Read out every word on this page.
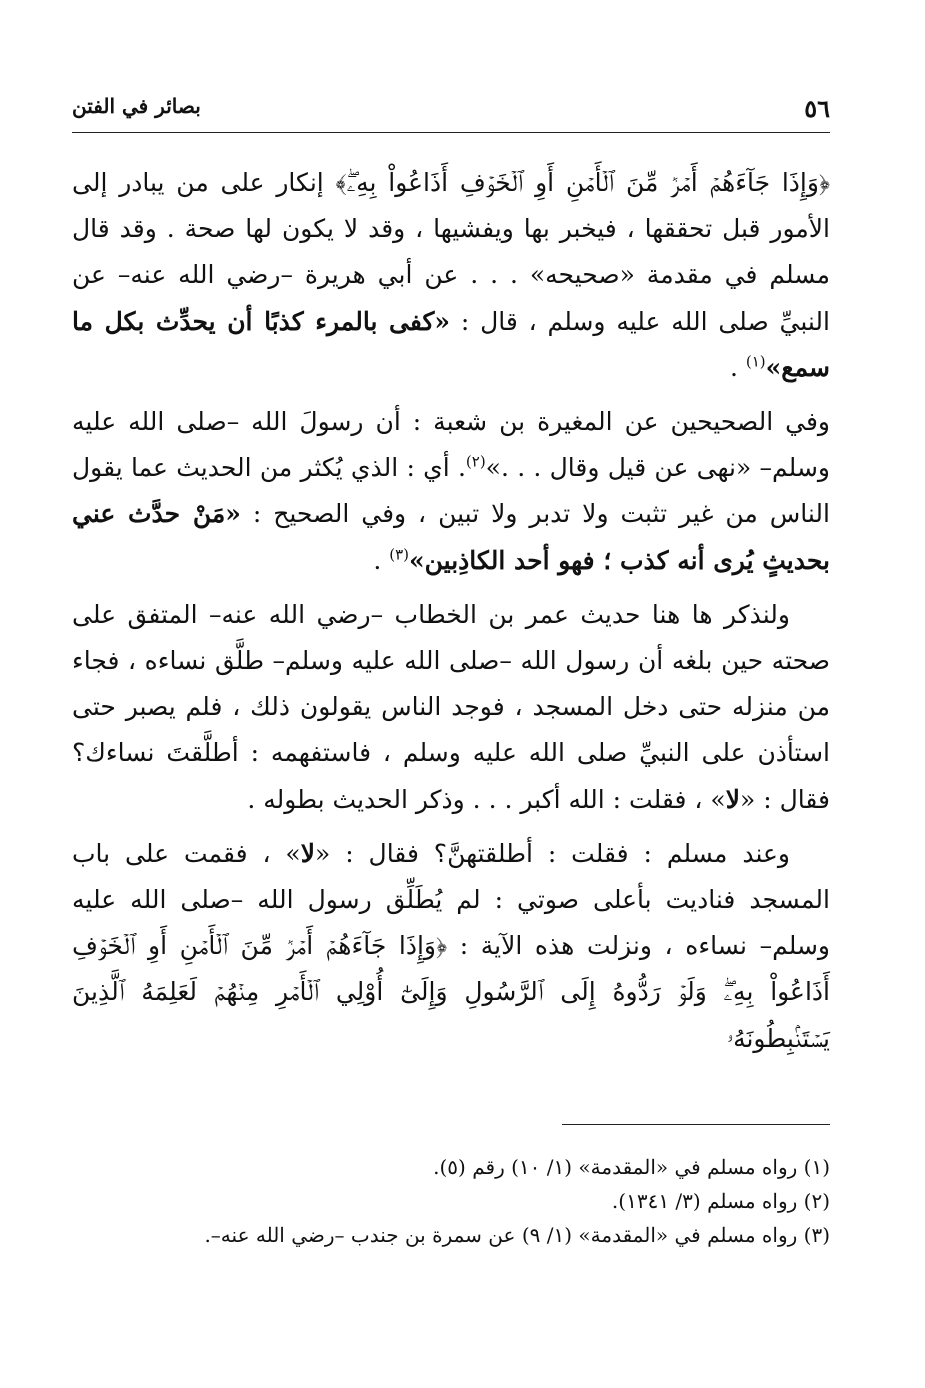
٥٦
بصائر في الفتن

﴿وَإِذَا جَآءَهُمۡ أَمۡرٞ مِّنَ ٱلۡأَمۡنِ أَوِ ٱلۡخَوۡفِ أَذَاعُواْ بِهِۦۖ﴾ إنكار على من يبادر إلى الأمور قبل تحققها ، فيخبر بها ويفشيها ، وقد لا يكون لها صحة . وقد قال مسلم في مقدمة «صحيحه» . . . عن أبي هريرة –رضي الله عنه– عن النبيِّ صلى الله عليه وسلم ، قال : «كفى بالمرء كذبًا أن يحدِّث بكل ما سمع»$^{(١)}$ .

وفي الصحيحين عن المغيرة بن شعبة : أن رسولَ الله –صلى الله عليه وسلم– «نهى عن قيل وقال . . .»$^{(٢)}$. أي : الذي يُكثر من الحديث عما يقول الناس من غير تثبت ولا تدبر ولا تبين ، وفي الصحيح : «مَنْ حدَّث عني بحديثٍ يُرى أنه كذب ؛ فهو أحد الكاذِبين»$^{(٣)}$ .

ولنذكر ها هنا حديث عمر بن الخطاب –رضي الله عنه– المتفق على صحته حين بلغه أن رسول الله –صلى الله عليه وسلم– طلَّق نساءه ، فجاء من منزله حتى دخل المسجد ، فوجد الناس يقولون ذلك ، فلم يصبر حتى استأذن على النبيِّ صلى الله عليه وسلم ، فاستفهمه : أطلَّقتَ نساءك؟ فقال : «لا» ، فقلت : الله أكبر . . . وذكر الحديث بطوله .

وعند مسلم : فقلت : أطلقتهنَّ؟ فقال : «لا» ، فقمت على باب المسجد فناديت بأعلى صوتي : لم يُطَلِّق رسول الله –صلى الله عليه وسلم– نساءه ، ونزلت هذه الآية : ﴿وَإِذَا جَآءَهُمۡ أَمۡرٞ مِّنَ ٱلۡأَمۡنِ أَوِ ٱلۡخَوۡفِ أَذَاعُواْ بِهِۦۖ وَلَوۡ رَدُّوهُ إِلَى ٱلرَّسُولِ وَإِلَىٰٓ أُوْلِي ٱلۡأَمۡرِ مِنۡهُمۡ لَعَلِمَهُ ٱلَّذِينَ يَسۡتَنۢبِطُونَهُۥ

(١) رواه مسلم في «المقدمة» (١/ ١٠) رقم (٥).
(٢) رواه مسلم (٣/ ١٣٤١).
(٣) رواه مسلم في «المقدمة» (١/ ٩) عن سمرة بن جندب –رضي الله عنه–.
